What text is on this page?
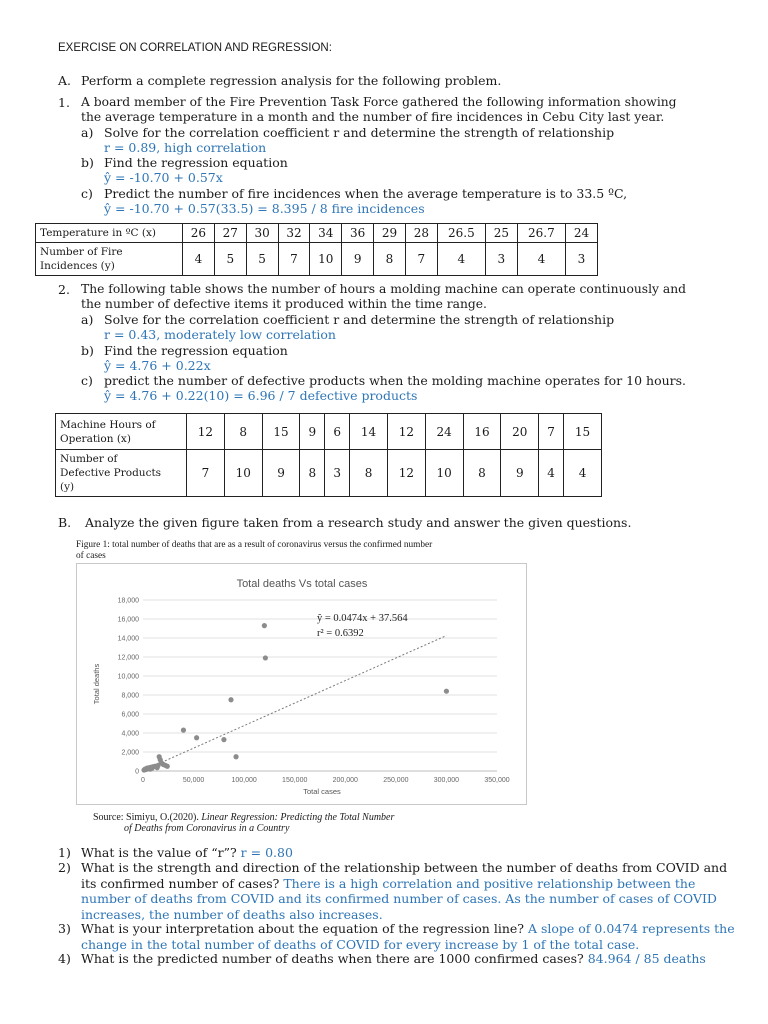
EXERCISE ON CORRELATION AND REGRESSION:
A. Perform a complete regression analysis for the following problem.
1. A board member of the Fire Prevention Task Force gathered the following information showing
the average temperature in a month and the number of fire incidences in Cebu City last year.
a) Solve for the correlation coefficient r and determine the strength of relationship
r = 0.89, high correlation
b) Find the regression equation
ŷ = -10.70 + 0.57x
c) Predict the number of fire incidences when the average temperature is to 33.5 ºC,
ŷ = -10.70 + 0.57(33.5) = 8.395 / 8 fire incidences
Temperature in ºC (x)	26	27	30	32	34	36	29	28	26.5	25	26.7	24

Number of Fire
Incidences (y)	4	5	5	7	10	9	8	7	4	3	4	3
2. The following table shows the number of hours a molding machine can operate continuously and
the number of defective items it produced within the time range.
a) Solve for the correlation coefficient r and determine the strength of relationship
r = 0.43, moderately low correlation
b) Find the regression equation
ŷ = 4.76 + 0.22x
c) predict the number of defective products when the molding machine operates for 10 hours.
ŷ = 4.76 + 0.22(10) = 6.96 / 7 defective products
Machine Hours of
Operation (x)	12	8	15	9	6	14	12	24	16	20	7	15

Number of
Defective Products
(y)	7	10	9	8	3	8	12	10	8	9	4	4
B. Analyze the given figure taken from a research study and answer the given questions.
Figure 1: total number of deaths that are as a result of coronavirus versus the confirmed number
of cases
Total deaths Vs total cases
0
2,000
4,000
6,000
8,000
10,000
12,000
14,000
16,000
18,000
0	50,000	100,000	150,000	200,000	250,000	300,000	350,000
ŷ = 0.0474x + 37.564
r² = 0.6392
Total cases
Total deaths
Source: Simiyu, O.(2020). Linear Regression: Predicting the Total Number
of Deaths from Coronavirus in a Country
1) What is the value of “r”? r = 0.80
2) What is the strength and direction of the relationship between the number of deaths from COVID and its confirmed number of cases? There is a high correlation and positive relationship between the number of deaths from COVID and its confirmed number of cases. As the number of cases of COVID increases, the number of deaths also increases.
3) What is your interpretation about the equation of the regression line? A slope of 0.0474 represents the change in the total number of deaths of COVID for every increase by 1 of the total case.
4) What is the predicted number of deaths when there are 1000 confirmed cases? 84.964 / 85 deaths
